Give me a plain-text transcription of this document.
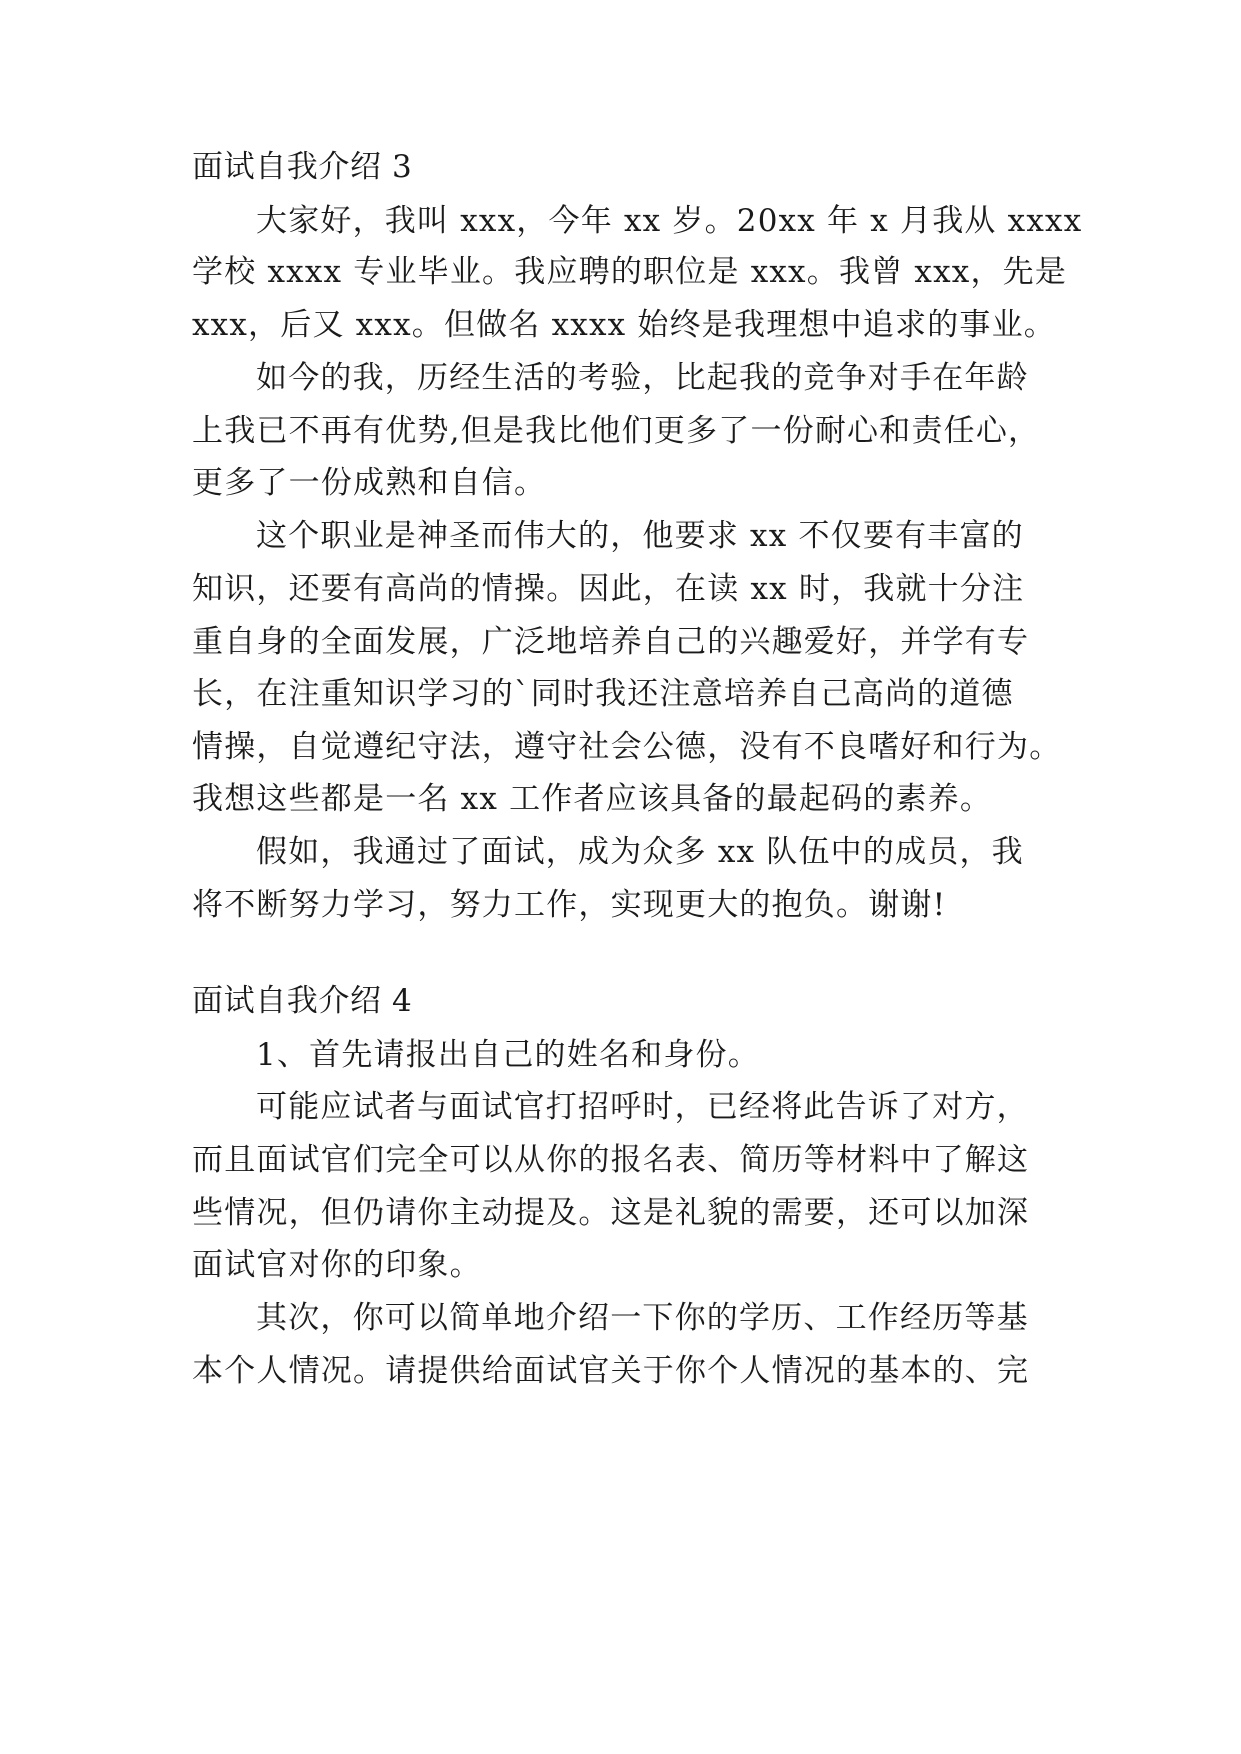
面试自我介绍 3
大家好，我叫 xxx，今年 xx 岁。20xx 年 x 月我从 xxxx
学校 xxxx 专业毕业。我应聘的职位是 xxx。我曾 xxx，先是
xxx，后又 xxx。但做名 xxxx 始终是我理想中追求的事业。
如今的我，历经生活的考验，比起我的竞争对手在年龄
上我已不再有优势,但是我比他们更多了一份耐心和责任心，
更多了一份成熟和自信。
这个职业是神圣而伟大的，他要求 xx 不仅要有丰富的
知识，还要有高尚的情操。因此，在读 xx 时，我就十分注
重自身的全面发展，广泛地培养自己的兴趣爱好，并学有专
长，在注重知识学习的`同时我还注意培养自己高尚的道德
情操，自觉遵纪守法，遵守社会公德，没有不良嗜好和行为。
我想这些都是一名 xx 工作者应该具备的最起码的素养。
假如，我通过了面试，成为众多 xx 队伍中的成员，我
将不断努力学习，努力工作，实现更大的抱负。谢谢!
面试自我介绍 4
1、首先请报出自己的姓名和身份。
可能应试者与面试官打招呼时，已经将此告诉了对方，
而且面试官们完全可以从你的报名表、简历等材料中了解这
些情况，但仍请你主动提及。这是礼貌的需要，还可以加深
面试官对你的印象。
其次，你可以简单地介绍一下你的学历、工作经历等基
本个人情况。请提供给面试官关于你个人情况的基本的、完
